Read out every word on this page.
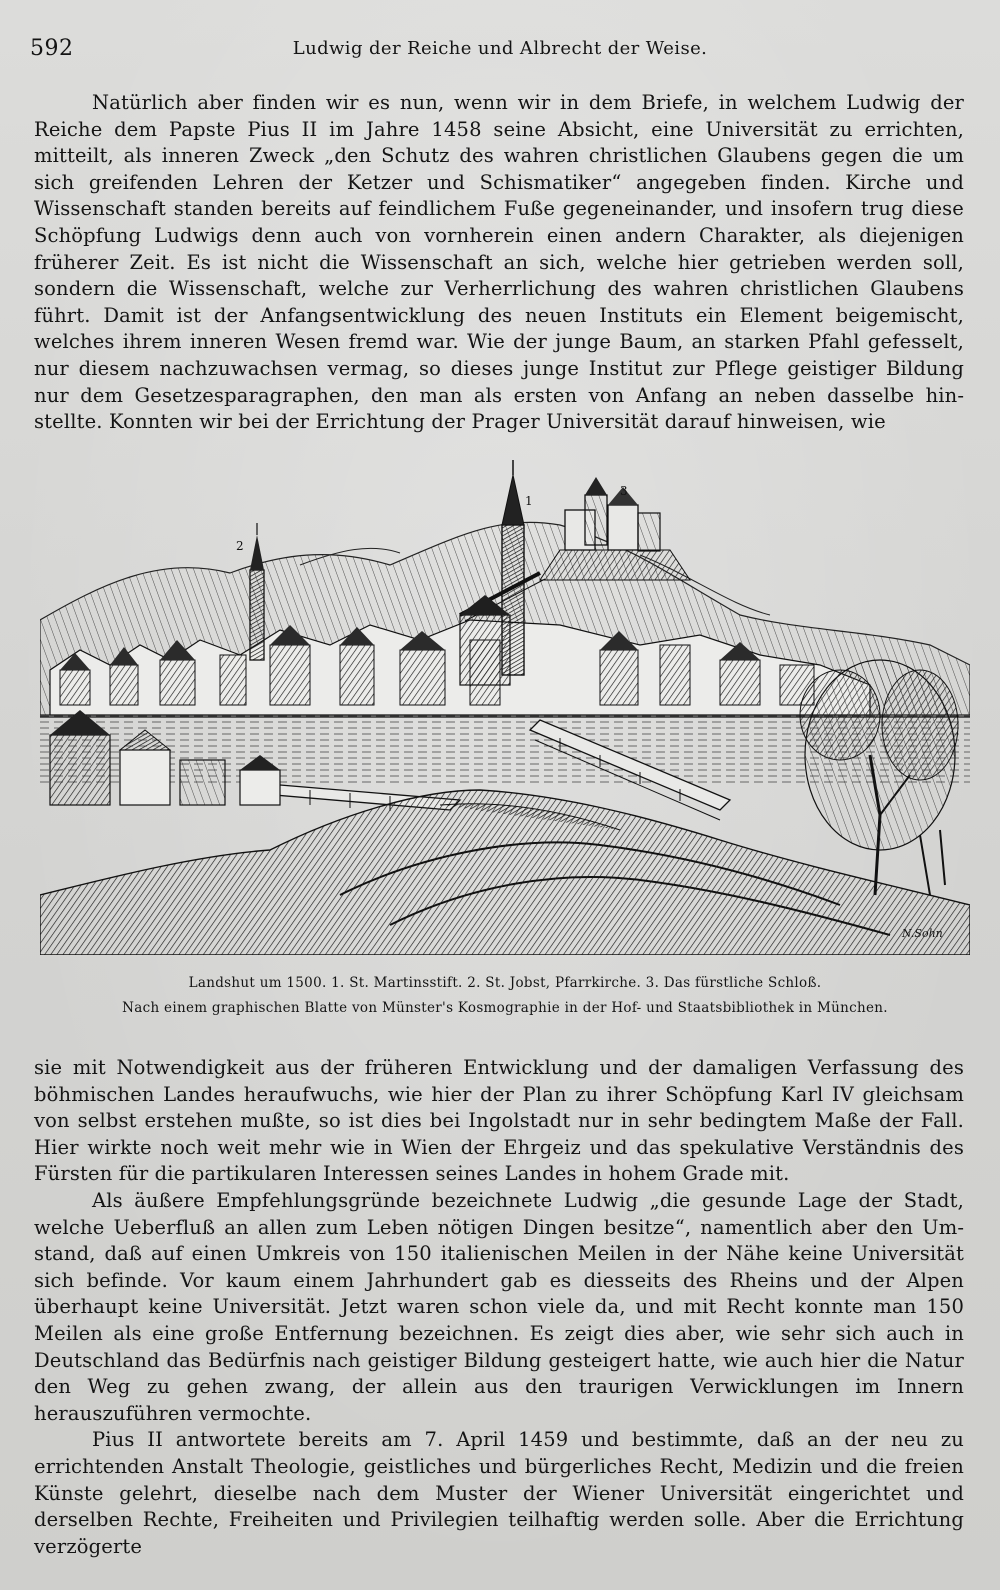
592	Ludwig der Reiche und Albrecht der Weise.

Natürlich aber finden wir es nun, wenn wir in dem Briefe, in welchem Ludwig der Reiche dem Papste Pius II im Jahre 1458 seine Absicht, eine Universität zu errichten, mitteilt, als inneren Zweck „den Schutz des wahren christlichen Glaubens gegen die um sich greifenden Lehren der Ketzer und Schismatiker“ angegeben finden. Kirche und Wissenschaft standen bereits auf feindlichem Fuße gegeneinander, und insofern trug diese Schöpfung Ludwigs denn auch von vornherein einen andern Charakter, als diejenigen früherer Zeit. Es ist nicht die Wissenschaft an sich, welche hier getrieben werden soll, sondern die Wissenschaft, welche zur Verherrlichung des wahren christlichen Glaubens führt. Damit ist der Anfangsentwicklung des neuen Instituts ein Element beigemischt, welches ihrem inneren Wesen fremd war. Wie der junge Baum, an starken Pfahl gefesselt, nur diesem nachzuwachsen vermag, so dieses junge Institut zur Pflege geistiger Bildung nur dem Gesetzesparagraphen, den man als ersten von Anfang an neben dasselbe hinstellte. Konnten wir bei der Errichtung der Prager Universität darauf hinweisen, wie

1
2
3
N.Sohn
Landshut um 1500. 1. St. Martinsstift. 2. St. Jobst, Pfarrkirche. 3. Das fürstliche Schloß.
Nach einem graphischen Blatte von Münster's Kosmographie in der Hof- und Staatsbibliothek in München.

sie mit Notwendigkeit aus der früheren Entwicklung und der damaligen Verfassung des böhmischen Landes heraufwuchs, wie hier der Plan zu ihrer Schöpfung Karl IV gleichsam von selbst erstehen mußte, so ist dies bei Ingolstadt nur in sehr bedingtem Maße der Fall. Hier wirkte noch weit mehr wie in Wien der Ehrgeiz und das spekulative Verständnis des Fürsten für die partikularen Interessen seines Landes in hohem Grade mit.

Als äußere Empfehlungsgründe bezeichnete Ludwig „die gesunde Lage der Stadt, welche Ueberfluß an allen zum Leben nötigen Dingen besitze“, namentlich aber den Umstand, daß auf einen Umkreis von 150 italienischen Meilen in der Nähe keine Universität sich befinde. Vor kaum einem Jahrhundert gab es diesseits des Rheins und der Alpen überhaupt keine Universität. Jetzt waren schon viele da, und mit Recht konnte man 150 Meilen als eine große Entfernung bezeichnen. Es zeigt dies aber, wie sehr sich auch in Deutschland das Bedürfnis nach geistiger Bildung gesteigert hatte, wie auch hier die Natur den Weg zu gehen zwang, der allein aus den traurigen Verwicklungen im Innern herauszuführen vermochte.

Pius II antwortete bereits am 7. April 1459 und bestimmte, daß an der neu zu errichtenden Anstalt Theologie, geistliches und bürgerliches Recht, Medizin und die freien Künste gelehrt, dieselbe nach dem Muster der Wiener Universität eingerichtet und derselben Rechte, Freiheiten und Privilegien teilhaftig werden solle. Aber die Errichtung verzögerte
